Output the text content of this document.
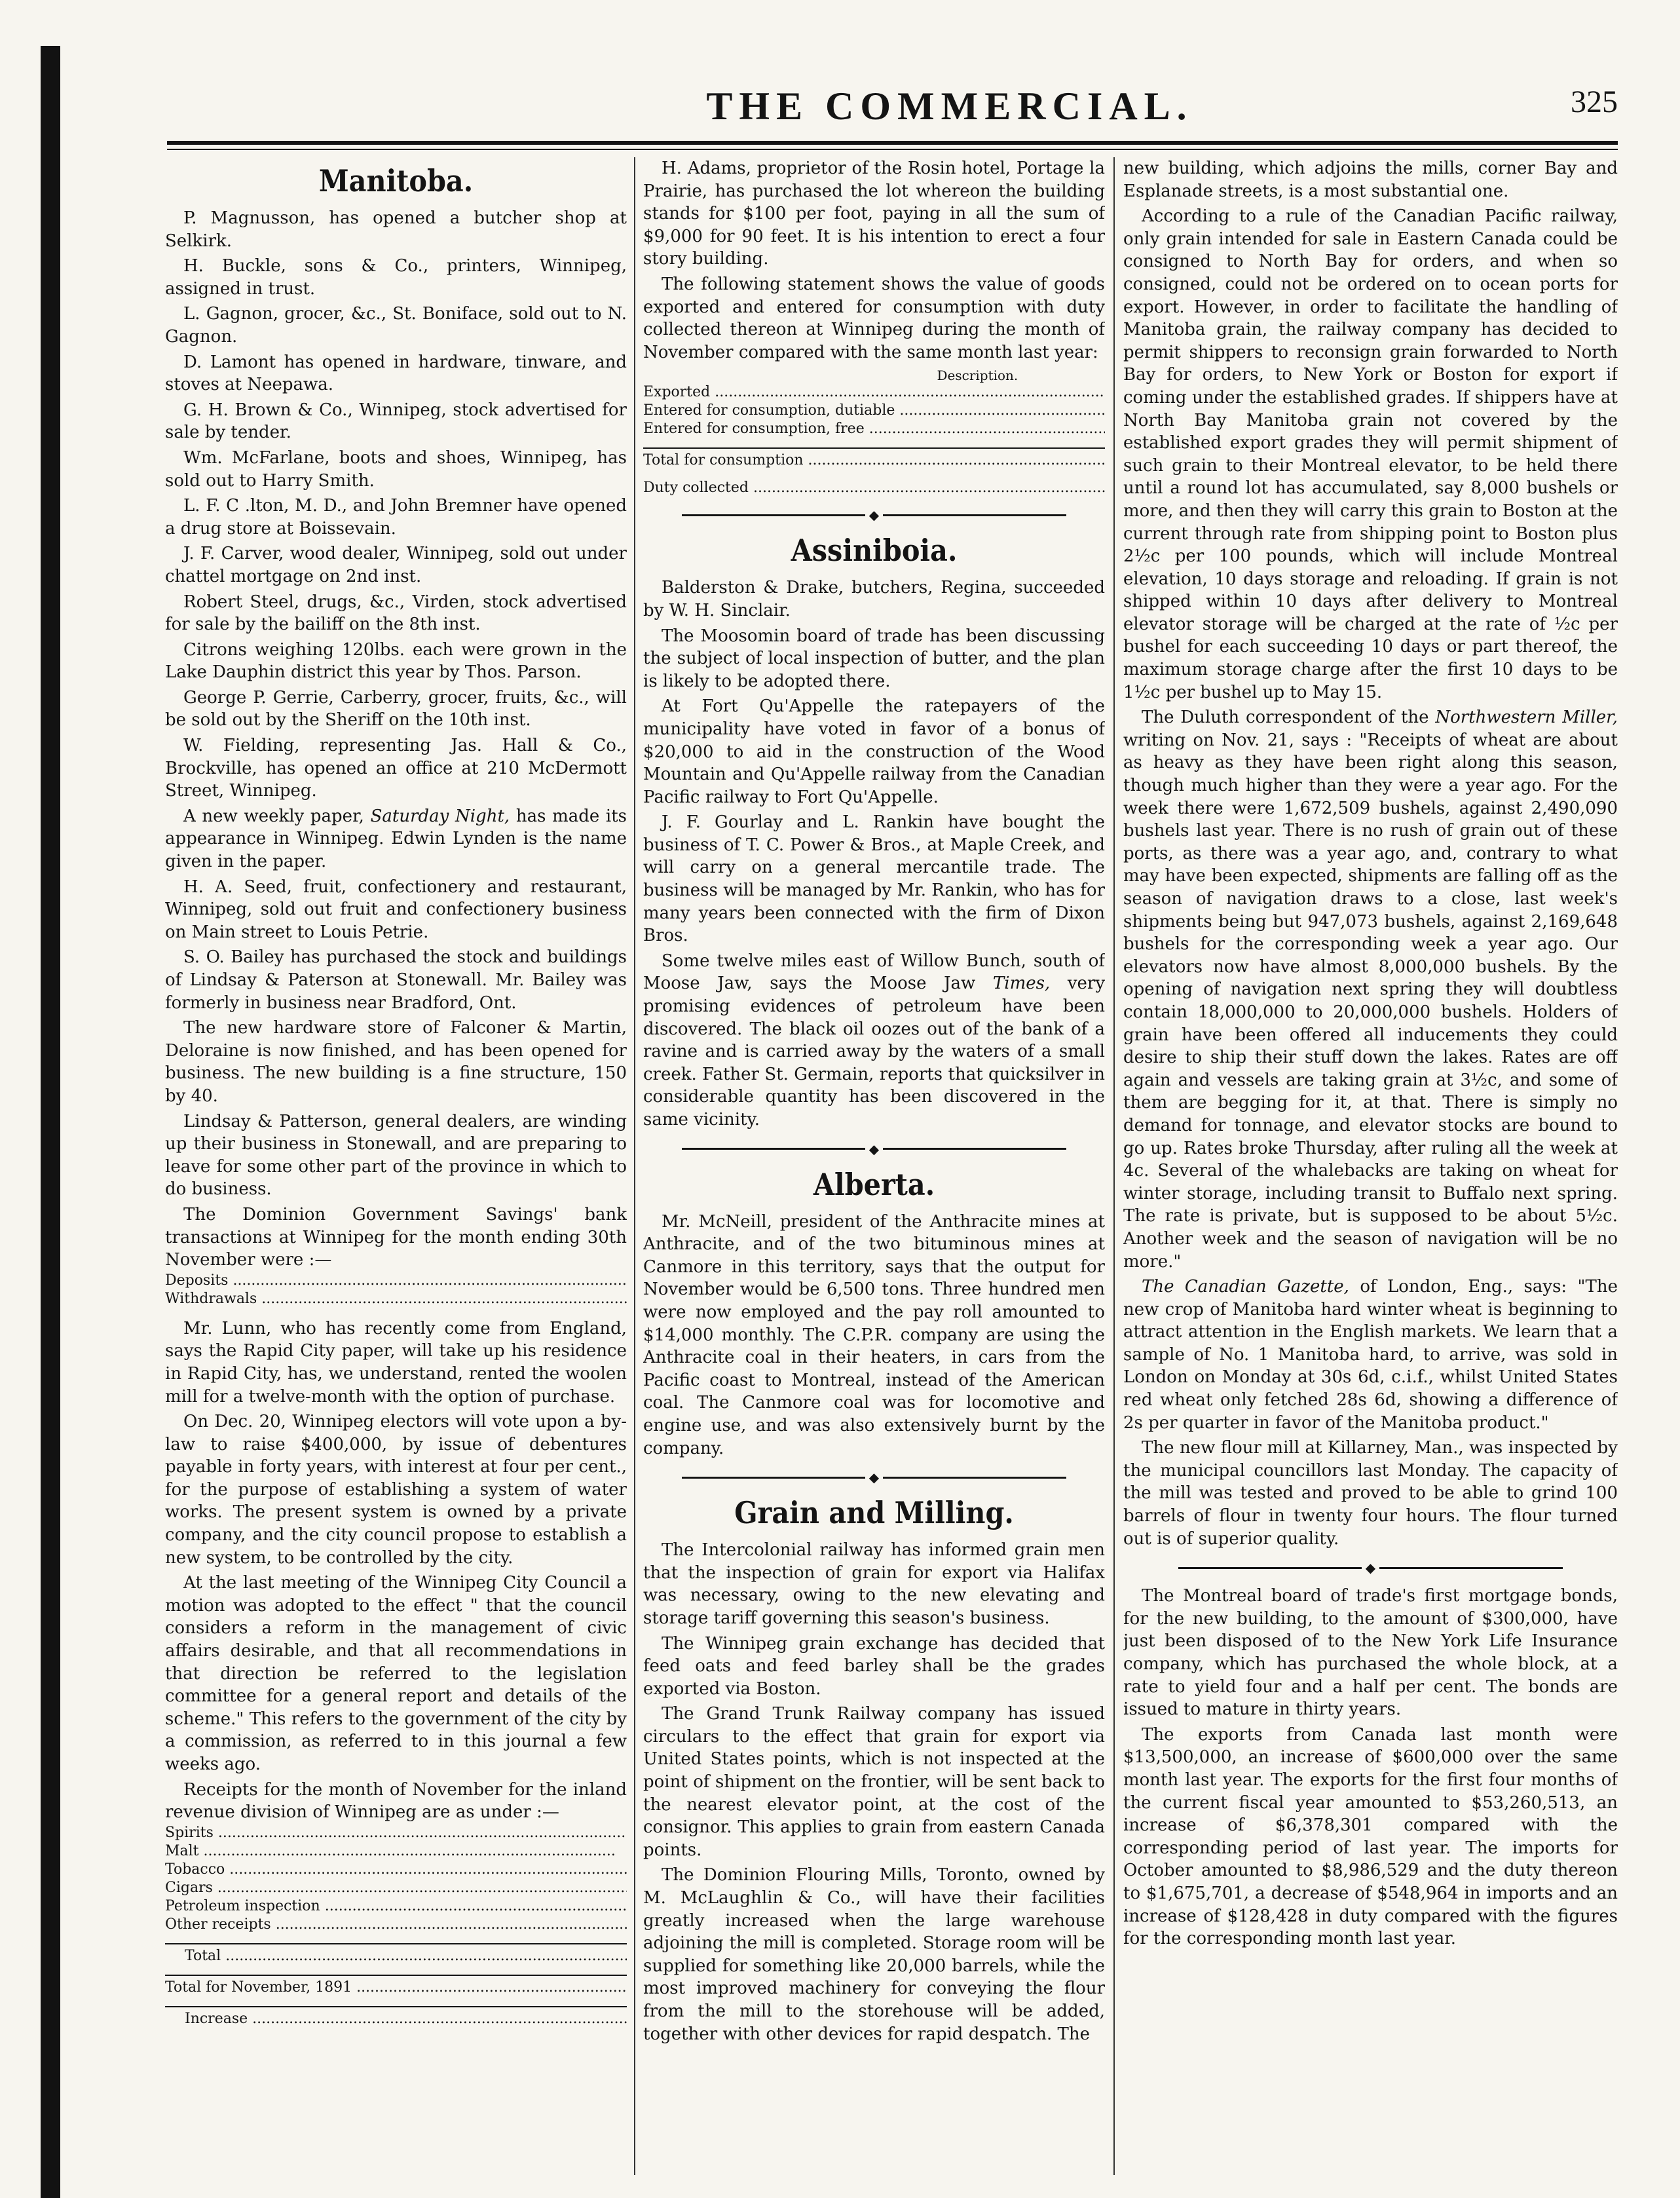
THE COMMERCIAL.	325
Manitoba.

P. Magnusson, has opened a butcher shop at Selkirk.

H. Buckle, sons & Co., printers, Winnipeg, assigned in trust.

L. Gagnon, grocer, &c., St. Boniface, sold out to N. Gagnon.

D. Lamont has opened in hardware, tinware, and stoves at Neepawa.

G. H. Brown & Co., Winnipeg, stock advertised for sale by tender.

Wm. McFarlane, boots and shoes, Winnipeg, has sold out to Harry Smith.

L. F. C .lton, M. D., and John Bremner have opened a drug store at Boissevain.

J. F. Carver, wood dealer, Winnipeg, sold out under chattel mortgage on 2nd inst.

Robert Steel, drugs, &c., Virden, stock advertised for sale by the bailiff on the 8th inst.

Citrons weighing 120lbs. each were grown in the Lake Dauphin district this year by Thos. Parson.

George P. Gerrie, Carberry, grocer, fruits, &c., will be sold out by the Sheriff on the 10th inst.

W. Fielding, representing Jas. Hall & Co., Brockville, has opened an office at 210 McDermott Street, Winnipeg.

A new weekly paper, Saturday Night, has made its appearance in Winnipeg. Edwin Lynden is the name given in the paper.

H. A. Seed, fruit, confectionery and restaurant, Winnipeg, sold out fruit and confectionery business on Main street to Louis Petrie.

S. O. Bailey has purchased the stock and buildings of Lindsay & Paterson at Stonewall. Mr. Bailey was formerly in business near Bradford, Ont.

The new hardware store of Falconer & Martin, Deloraine is now finished, and has been opened for business. The new building is a fine structure, 150 by 40.

Lindsay & Patterson, general dealers, are winding up their business in Stonewall, and are preparing to leave for some other part of the province in which to do business.

The Dominion Government Savings' bank transactions at Winnipeg for the month ending 30th November were :—

Deposits .....	
Withdrawals .....	

Mr. Lunn, who has recently come from England, says the Rapid City paper, will take up his residence in Rapid City, has, we understand, rented the woolen mill for a twelve-month with the option of purchase.

On Dec. 20, Winnipeg electors will vote upon a by-law to raise $400,000, by issue of debentures payable in forty years, with interest at four per cent., for the purpose of establishing a system of water works. The present system is owned by a private company, and the city council propose to establish a new system, to be controlled by the city.

At the last meeting of the Winnipeg City Council a motion was adopted to the effect " that the council considers a reform in the management of civic affairs desirable, and that all recommendations in that direction be referred to the legislation committee for a general report and details of the scheme." This refers to the government of the city by a commission, as referred to in this journal a few weeks ago.

Receipts for the month of November for the inland revenue division of Winnipeg are as under :—

Spirits .....	
Malt .....	
Tobacco .....	
Cigars .....	
Petroleum inspection .....	
Other receipts .....	

Total .....	

Total for November, 1891 .....	

Increase .....	

H. Adams, proprietor of the Rosin hotel, Portage la Prairie, has purchased the lot whereon the building stands for $100 per foot, paying in all the sum of $9,000 for 90 feet. It is his intention to erect a four story building.

The following statement shows the value of goods exported and entered for consumption with duty collected thereon at Winnipeg during the month of November compared with the same month last year:

Description.		
Exported .....		
Entered for consumption, dutiable .....		
Entered for consumption, free .....		

Total for consumption .....		

Duty collected .....		
◆
Assiniboia.

Balderston & Drake, butchers, Regina, succeeded by W. H. Sinclair.

The Moosomin board of trade has been discussing the subject of local inspection of butter, and the plan is likely to be adopted there.

At Fort Qu'Appelle the ratepayers of the municipality have voted in favor of a bonus of $20,000 to aid in the construction of the Wood Mountain and Qu'Appelle railway from the Canadian Pacific railway to Fort Qu'Appelle.

J. F. Gourlay and L. Rankin have bought the business of T. C. Power & Bros., at Maple Creek, and will carry on a general mercantile trade. The business will be managed by Mr. Rankin, who has for many years been connected with the firm of Dixon Bros.

Some twelve miles east of Willow Bunch, south of Moose Jaw, says the Moose Jaw Times, very promising evidences of petroleum have been discovered. The black oil oozes out of the bank of a ravine and is carried away by the waters of a small creek. Father St. Germain, reports that quicksilver in considerable quantity has been discovered in the same vicinity.

◆
Alberta.

Mr. McNeill, president of the Anthracite mines at Anthracite, and of the two bituminous mines at Canmore in this territory, says that the output for November would be 6,500 tons. Three hundred men were now employed and the pay roll amounted to $14,000 monthly. The C.P.R. company are using the Anthracite coal in their heaters, in cars from the Pacific coast to Montreal, instead of the American coal. The Canmore coal was for locomotive and engine use, and was also extensively burnt by the company.

◆
Grain and Milling.

The Intercolonial railway has informed grain men that the inspection of grain for export via Halifax was necessary, owing to the new elevating and storage tariff governing this season's business.

The Winnipeg grain exchange has decided that feed oats and feed barley shall be the grades exported via Boston.

The Grand Trunk Railway company has issued circulars to the effect that grain for export via United States points, which is not inspected at the point of shipment on the frontier, will be sent back to the nearest elevator point, at the cost of the consignor. This applies to grain from eastern Canada points.

The Dominion Flouring Mills, Toronto, owned by M. McLaughlin & Co., will have their facilities greatly increased when the large warehouse adjoining the mill is completed. Storage room will be supplied for something like 20,000 barrels, while the most improved machinery for conveying the flour from the mill to the storehouse will be added, together with other devices for rapid despatch. The

new building, which adjoins the mills, corner Bay and Esplanade streets, is a most substantial one.

According to a rule of the Canadian Pacific railway, only grain intended for sale in Eastern Canada could be consigned to North Bay for orders, and when so consigned, could not be ordered on to ocean ports for export. However, in order to facilitate the handling of Manitoba grain, the railway company has decided to permit shippers to reconsign grain forwarded to North Bay for orders, to New York or Boston for export if coming under the established grades. If shippers have at North Bay Manitoba grain not covered by the established export grades they will permit shipment of such grain to their Montreal elevator, to be held there until a round lot has accumulated, say 8,000 bushels or more, and then they will carry this grain to Boston at the current through rate from shipping point to Boston plus 2½c per 100 pounds, which will include Montreal elevation, 10 days storage and reloading. If grain is not shipped within 10 days after delivery to Montreal elevator storage will be charged at the rate of ½c per bushel for each succeeding 10 days or part thereof, the maximum storage charge after the first 10 days to be 1½c per bushel up to May 15.

The Duluth correspondent of the Northwestern Miller, writing on Nov. 21, says : "Receipts of wheat are about as heavy as they have been right along this season, though much higher than they were a year ago. For the week there were 1,672,509 bushels, against 2,490,090 bushels last year. There is no rush of grain out of these ports, as there was a year ago, and, contrary to what may have been expected, shipments are falling off as the season of navigation draws to a close, last week's shipments being but 947,073 bushels, against 2,169,648 bushels for the corresponding week a year ago. Our elevators now have almost 8,000,000 bushels. By the opening of navigation next spring they will doubtless contain 18,000,000 to 20,000,000 bushels. Holders of grain have been offered all inducements they could desire to ship their stuff down the lakes. Rates are off again and vessels are taking grain at 3½c, and some of them are begging for it, at that. There is simply no demand for tonnage, and elevator stocks are bound to go up. Rates broke Thursday, after ruling all the week at 4c. Several of the whalebacks are taking on wheat for winter storage, including transit to Buffalo next spring. The rate is private, but is supposed to be about 5½c. Another week and the season of navigation will be no more."

The Canadian Gazette, of London, Eng., says: "The new crop of Manitoba hard winter wheat is beginning to attract attention in the English markets. We learn that a sample of No. 1 Manitoba hard, to arrive, was sold in London on Monday at 30s 6d, c.i.f., whilst United States red wheat only fetched 28s 6d, showing a difference of 2s per quarter in favor of the Manitoba product."

The new flour mill at Killarney, Man., was inspected by the municipal councillors last Monday. The capacity of the mill was tested and proved to be able to grind 100 barrels of flour in twenty four hours. The flour turned out is of superior quality.

◆

The Montreal board of trade's first mortgage bonds, for the new building, to the amount of $300,000, have just been disposed of to the New York Life Insurance company, which has purchased the whole block, at a rate to yield four and a half per cent. The bonds are issued to mature in thirty years.

The exports from Canada last month were $13,500,000, an increase of $600,000 over the same month last year. The exports for the first four months of the current fiscal year amounted to $53,260,513, an increase of $6,378,301 compared with the corresponding period of last year. The imports for October amounted to $8,986,529 and the duty thereon to $1,675,701, a decrease of $548,964 in imports and an increase of $128,428 in duty compared with the figures for the corresponding month last year.
